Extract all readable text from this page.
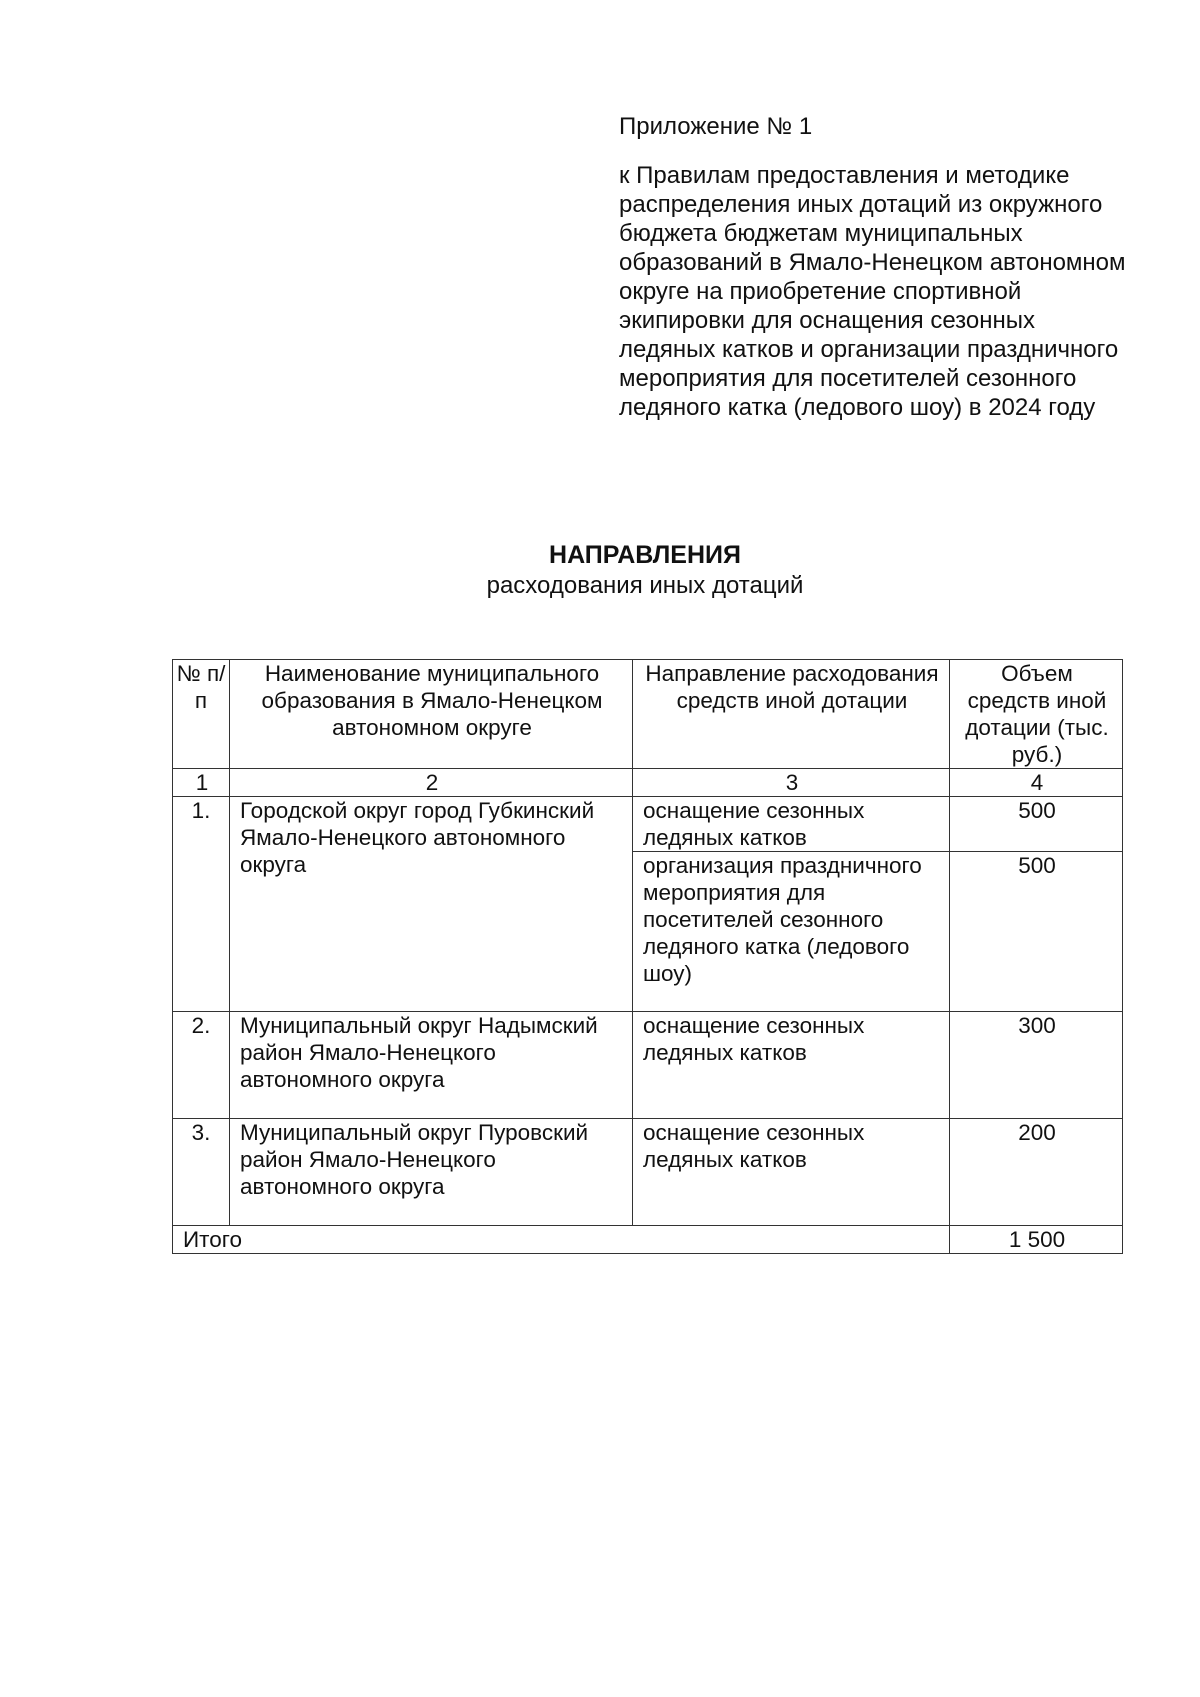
Приложение № 1

к Правилам предоставления и методике распределения иных дотаций из окружного бюджета бюджетам муниципальных образований в Ямало-Ненецком автономном округе на приобретение спортивной экипировки для оснащения сезонных ледяных катков и организации праздничного мероприятия для посетителей сезонного ледяного катка (ледового шоу) в 2024 году

НАПРАВЛЕНИЯ
расходования иных дотаций
№ п/п	Наименование муниципального образования в Ямало-Ненецком автономном округе	Направление расходования средств иной дотации	Объем средств иной дотации (тыс. руб.)
1	2	3	4
1.	Городской округ город Губкинский Ямало-Ненецкого автономного округа	оснащение сезонных ледяных катков	500
		организация праздничного мероприятия для посетителей сезонного ледяного катка (ледового шоу)	500
2.	Муниципальный округ Надымский район Ямало-Ненецкого автономного округа	оснащение сезонных ледяных катков	300
3.	Муниципальный округ Пуровский район Ямало-Ненецкого автономного округа	оснащение сезонных ледяных катков	200
Итого			1 500
